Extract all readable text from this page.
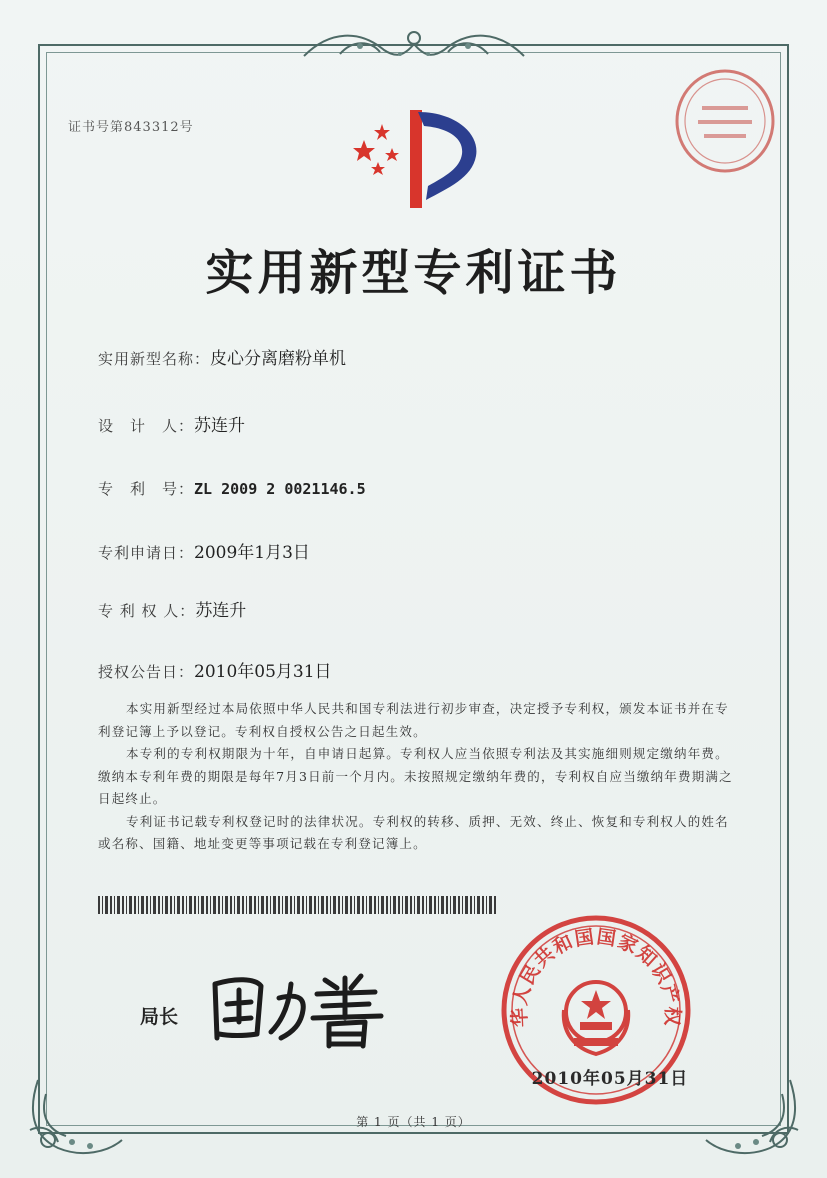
证书号第843312号
实用新型专利证书
实用新型名称：皮心分离磨粉单机
设　计　人：苏连升
专　利　号：ZL 2009 2 0021146.5
专利申请日：2009年1月3日
专 利 权 人：苏连升
授权公告日：2010年05月31日

本实用新型经过本局依照中华人民共和国专利法进行初步审查，决定授予专利权，颁发本证书并在专利登记簿上予以登记。专利权自授权公告之日起生效。

本专利的专利权期限为十年，自申请日起算。专利权人应当依照专利法及其实施细则规定缴纳年费。缴纳本专利年费的期限是每年7月3日前一个月内。未按照规定缴纳年费的，专利权自应当缴纳年费期满之日起终止。

专利证书记载专利权登记时的法律状况。专利权的转移、质押、无效、终止、恢复和专利权人的姓名或名称、国籍、地址变更等事项记载在专利登记簿上。

局长	华人民共和国国家知识产权
2010年05月31日
第 1 页（共 1 页）
